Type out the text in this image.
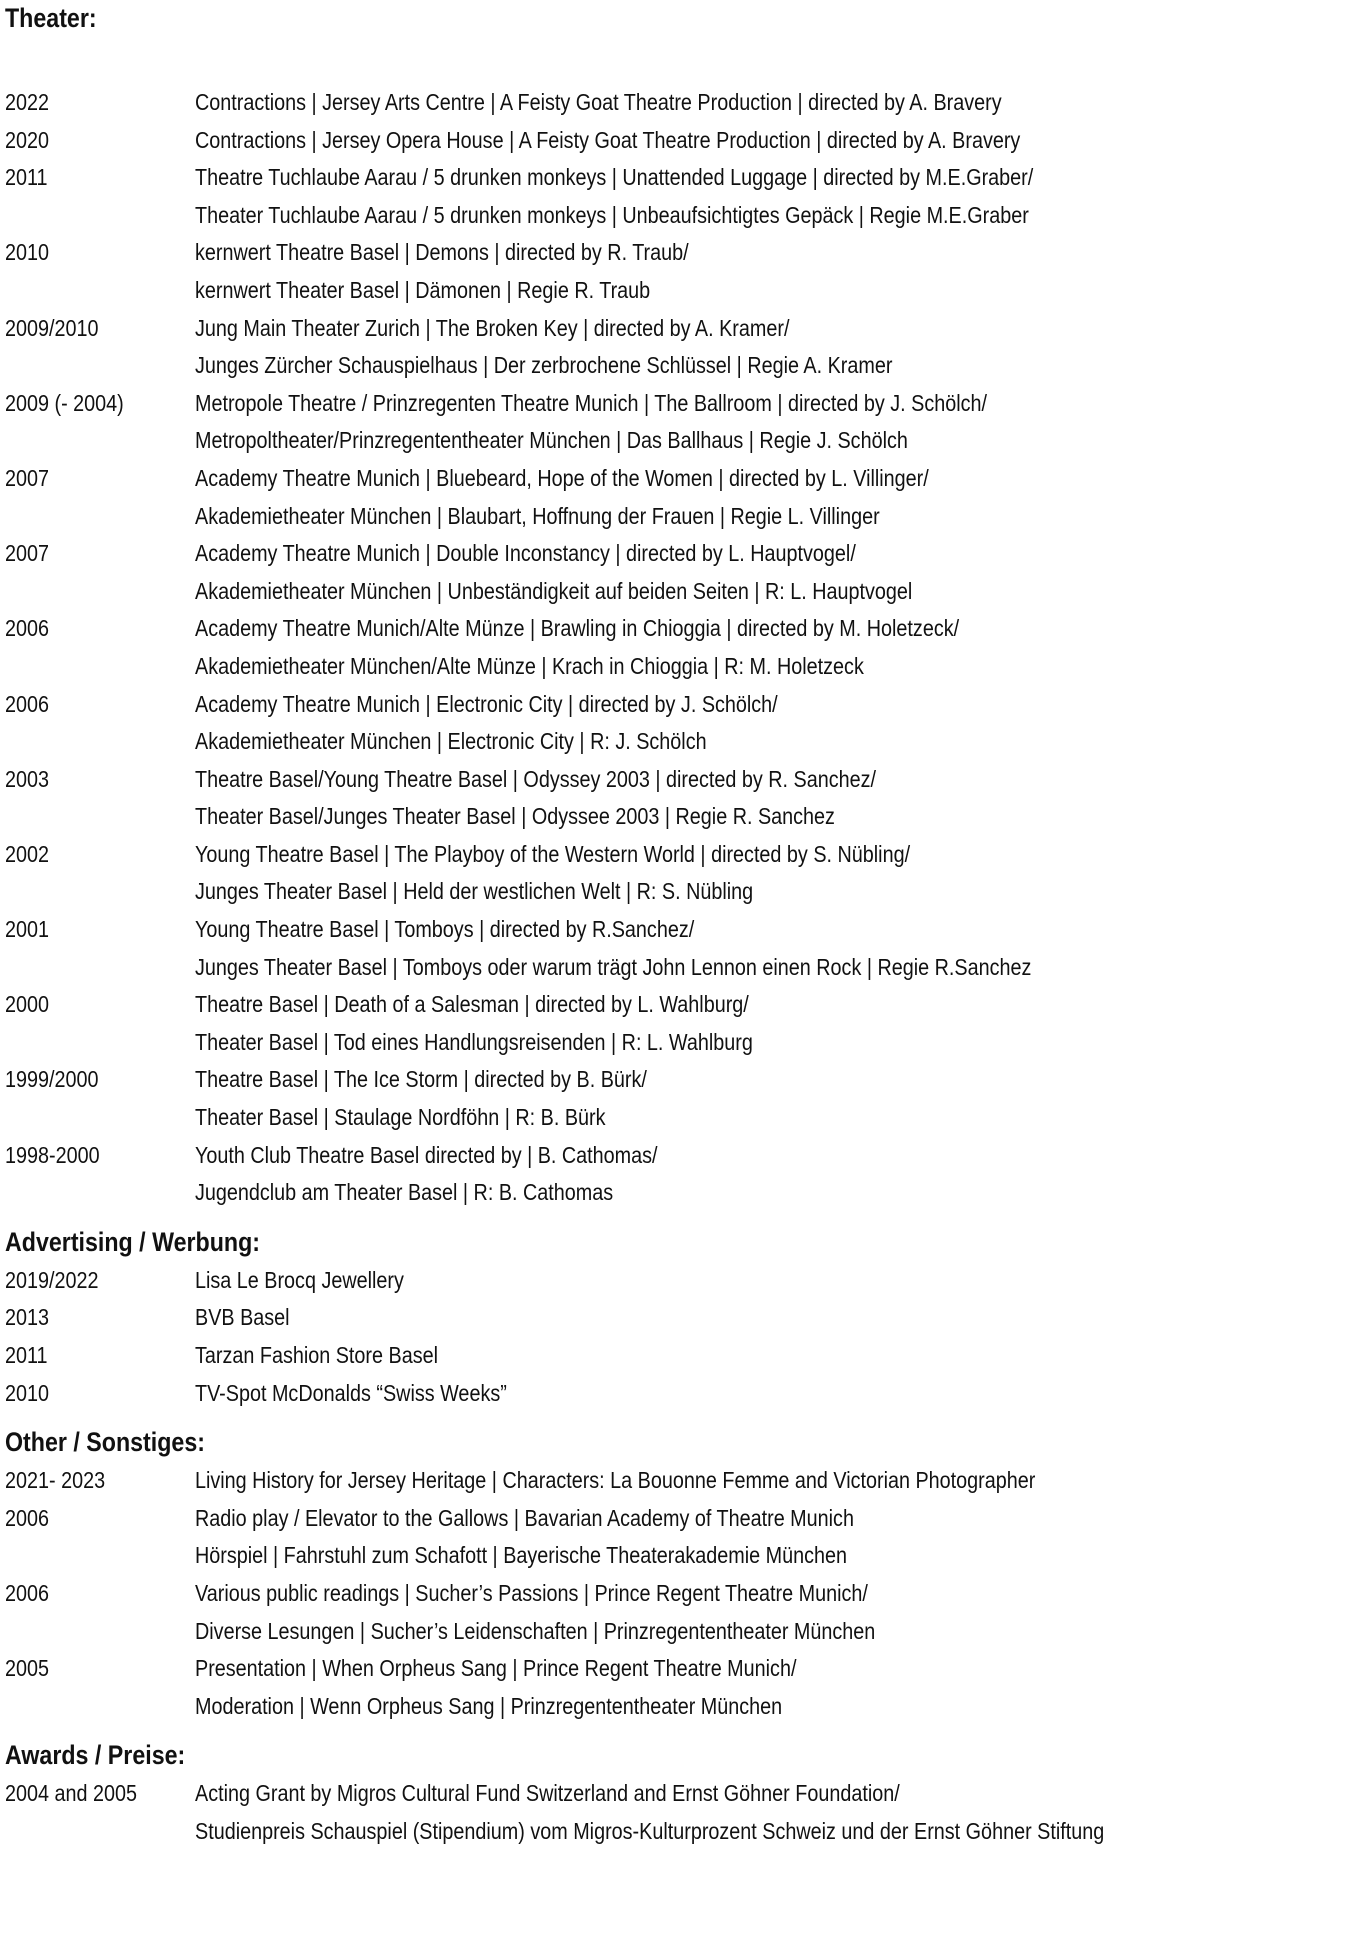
Theater:
2022	Contractions | Jersey Arts Centre | A Feisty Goat Theatre Production | directed by A. Bravery
2020	Contractions | Jersey Opera House | A Feisty Goat Theatre Production | directed by A. Bravery
2011	Theatre Tuchlaube Aarau / 5 drunken monkeys | Unattended Luggage | directed by M.E.Graber/
Theater Tuchlaube Aarau / 5 drunken monkeys | Unbeaufsichtigtes Gepäck | Regie M.E.Graber
2010	kernwert Theatre Basel | Demons | directed by R. Traub/
kernwert Theater Basel | Dämonen | Regie R. Traub
2009/2010	Jung Main Theater Zurich | The Broken Key | directed by A. Kramer/
Junges Zürcher Schauspielhaus | Der zerbrochene Schlüssel | Regie A. Kramer
2009 (- 2004)	Metropole Theatre / Prinzregenten Theatre Munich | The Ballroom | directed by J. Schölch/
Metropoltheater/Prinzregententheater München | Das Ballhaus | Regie J. Schölch
2007	Academy Theatre Munich | Bluebeard, Hope of the Women | directed by L. Villinger/
Akademietheater München | Blaubart, Hoffnung der Frauen | Regie L. Villinger
2007	Academy Theatre Munich | Double Inconstancy | directed by L. Hauptvogel/
Akademietheater München | Unbeständigkeit auf beiden Seiten | R: L. Hauptvogel
2006	Academy Theatre Munich/Alte Münze | Brawling in Chioggia | directed by M. Holetzeck/
Akademietheater München/Alte Münze | Krach in Chioggia | R: M. Holetzeck
2006	Academy Theatre Munich | Electronic City | directed by J. Schölch/
Akademietheater München | Electronic City | R: J. Schölch
2003	Theatre Basel/Young Theatre Basel | Odyssey 2003 | directed by R. Sanchez/
Theater Basel/Junges Theater Basel | Odyssee 2003 | Regie R. Sanchez
2002	Young Theatre Basel | The Playboy of the Western World | directed by S. Nübling/
Junges Theater Basel | Held der westlichen Welt | R: S. Nübling
2001	Young Theatre Basel | Tomboys | directed by R.Sanchez/
Junges Theater Basel | Tomboys oder warum trägt John Lennon einen Rock | Regie R.Sanchez
2000	Theatre Basel | Death of a Salesman | directed by L. Wahlburg/
Theater Basel | Tod eines Handlungsreisenden | R: L. Wahlburg
1999/2000	Theatre Basel | The Ice Storm | directed by B. Bürk/
Theater Basel | Staulage Nordföhn | R: B. Bürk
1998-2000	Youth Club Theatre Basel directed by | B. Cathomas/
Jugendclub am Theater Basel | R: B. Cathomas
Advertising / Werbung:
2019/2022	Lisa Le Brocq Jewellery
2013	BVB Basel
2011	Tarzan Fashion Store Basel
2010	TV-Spot McDonalds “Swiss Weeks”
Other / Sonstiges:
2021- 2023	Living History for Jersey Heritage | Characters: La Bouonne Femme and Victorian Photographer
2006	Radio play / Elevator to the Gallows | Bavarian Academy of Theatre Munich
Hörspiel | Fahrstuhl zum Schafott | Bayerische Theaterakademie München
2006	Various public readings | Sucher’s Passions | Prince Regent Theatre Munich/
Diverse Lesungen | Sucher’s Leidenschaften | Prinzregententheater München
2005	Presentation | When Orpheus Sang | Prince Regent Theatre Munich/
Moderation | Wenn Orpheus Sang | Prinzregententheater München
Awards / Preise:
2004 and 2005	Acting Grant by Migros Cultural Fund Switzerland and Ernst Göhner Foundation/
Studienpreis Schauspiel (Stipendium) vom Migros-Kulturprozent Schweiz und der Ernst Göhner Stiftung
